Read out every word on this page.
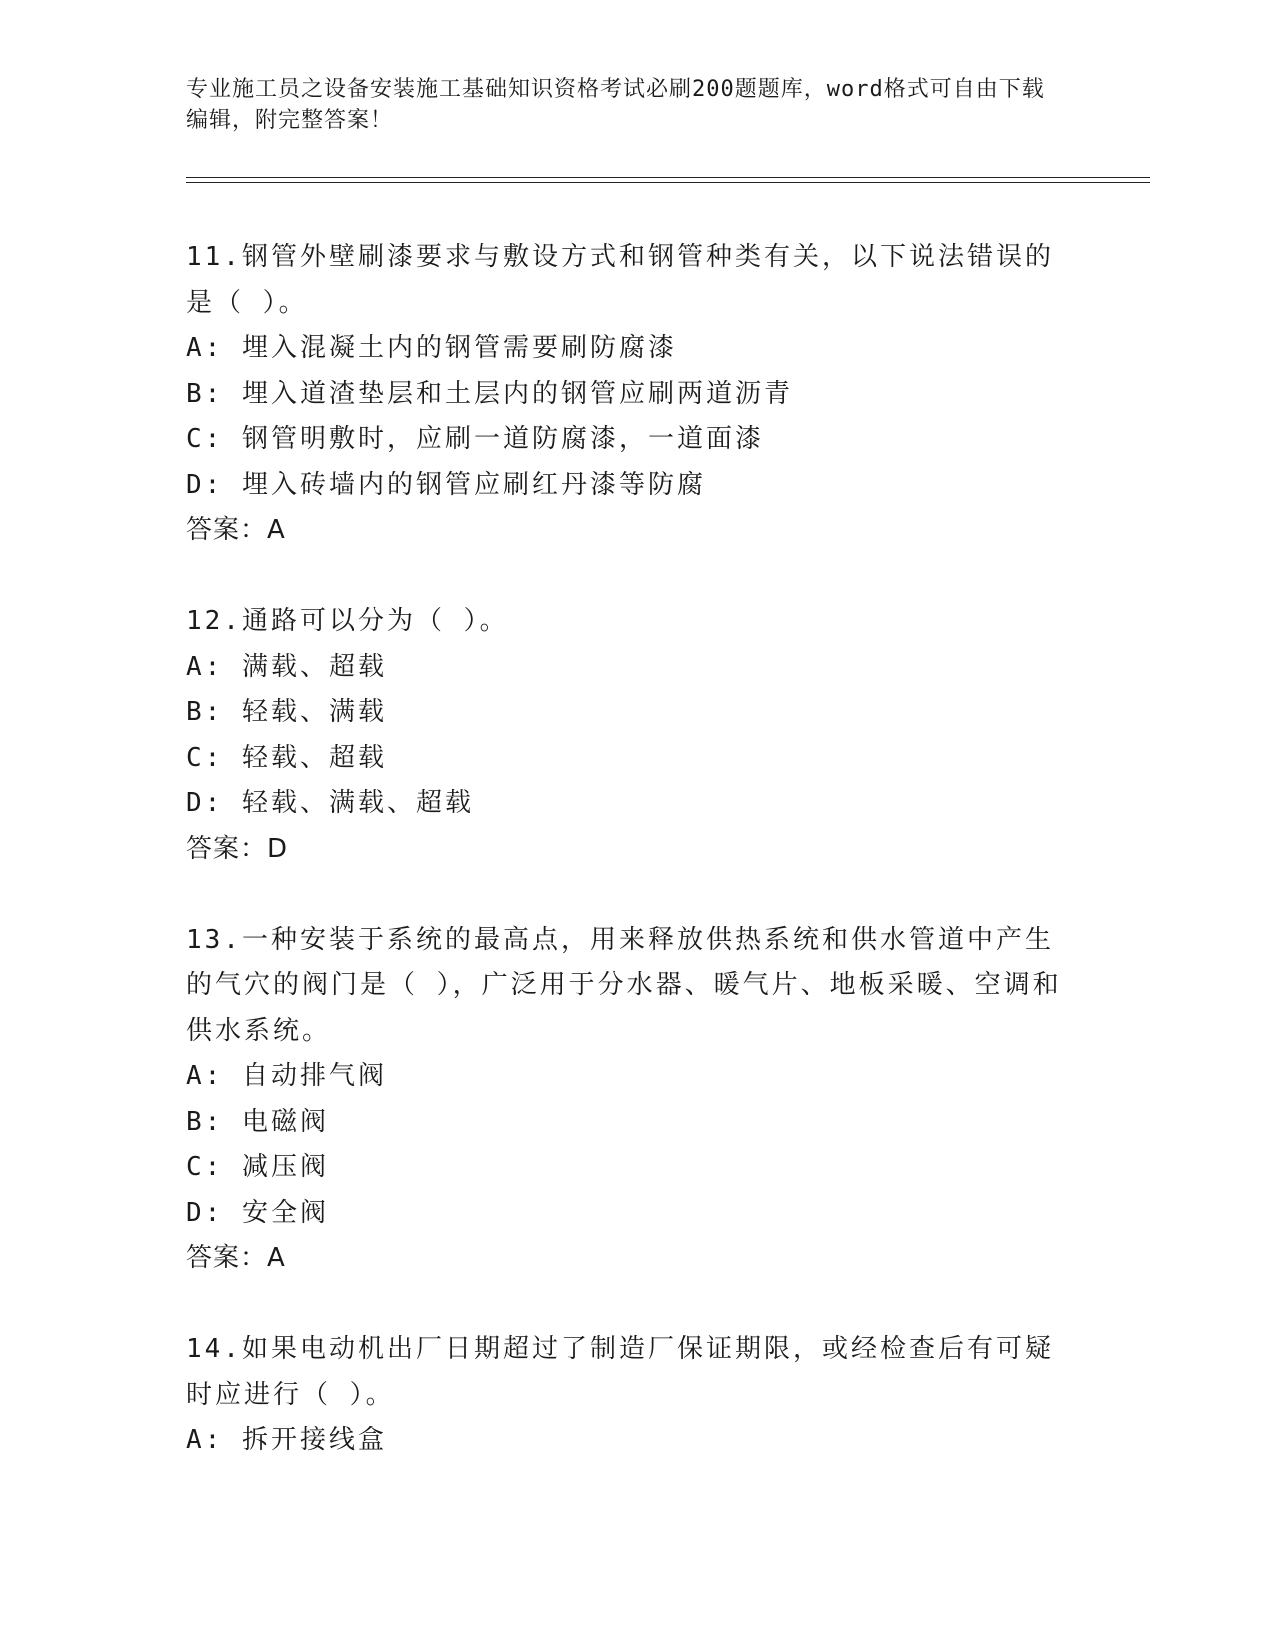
专业施工员之设备安装施工基础知识资格考试必刷200题题库，word格式可自由下载编辑，附完整答案！
11.钢管外壁刷漆要求与敷设方式和钢管种类有关，以下说法错误的是（ ）。
A: 埋入混凝土内的钢管需要刷防腐漆
B: 埋入道渣垫层和土层内的钢管应刷两道沥青
C: 钢管明敷时，应刷一道防腐漆，一道面漆
D: 埋入砖墙内的钢管应刷红丹漆等防腐
答案：A
12.通路可以分为（ ）。
A: 满载、超载
B: 轻载、满载
C: 轻载、超载
D: 轻载、满载、超载
答案：D
13.一种安装于系统的最高点，用来释放供热系统和供水管道中产生的气穴的阀门是（ ），广泛用于分水器、暖气片、地板采暖、空调和供水系统。
A: 自动排气阀
B: 电磁阀
C: 减压阀
D: 安全阀
答案：A
14.如果电动机出厂日期超过了制造厂保证期限，或经检查后有可疑时应进行（ ）。
A: 拆开接线盒
